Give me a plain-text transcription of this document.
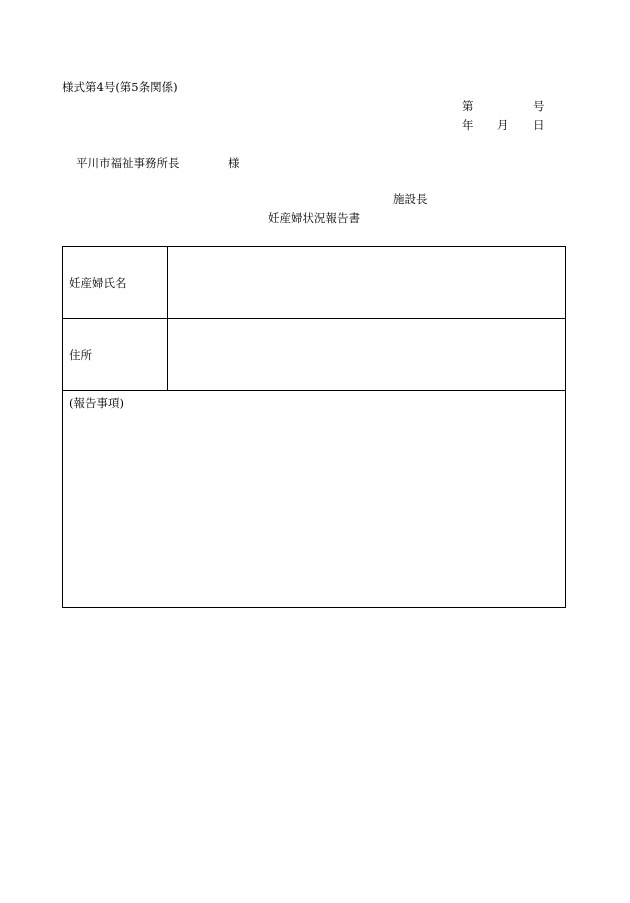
様式第4号(第5条関係)
第	号
年 月 日
平川市福祉事務所長	様
施設長
妊産婦状況報告書
妊産婦氏名
住所
(報告事項)
